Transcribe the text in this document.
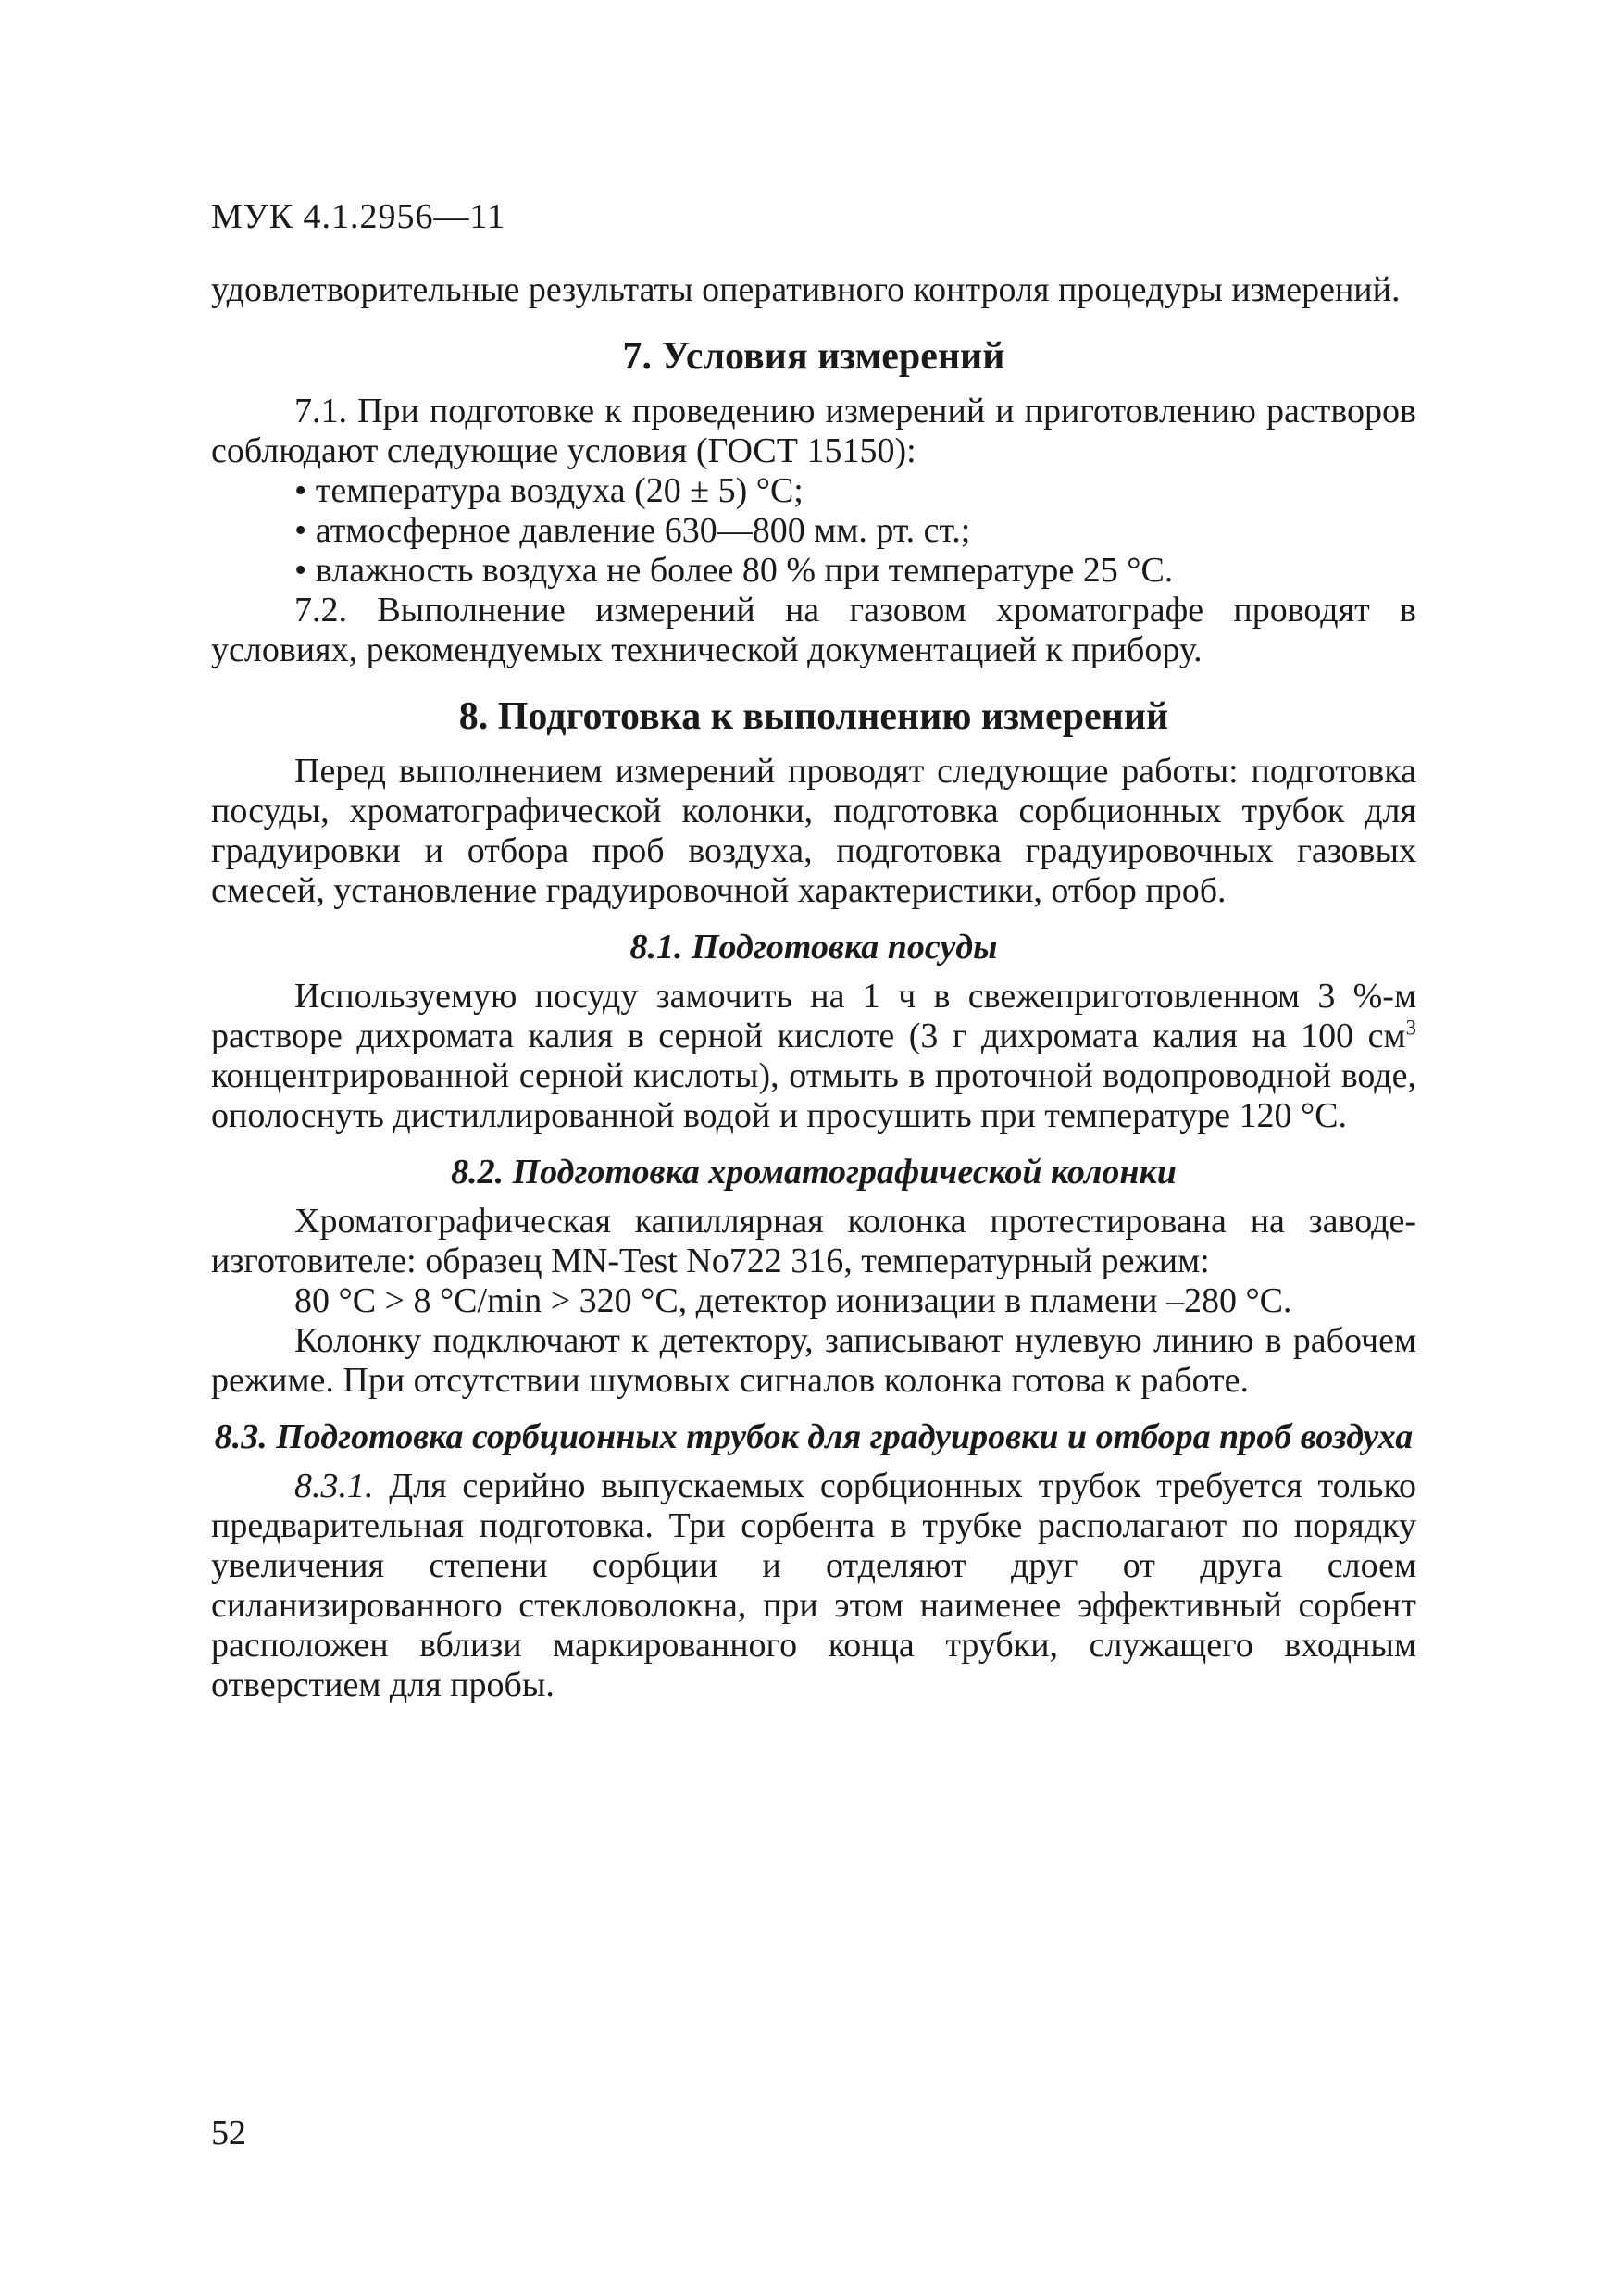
МУК 4.1.2956—11

удовлетворительные результаты оперативного контроля процедуры измерений.

7. Условия измерений

7.1. При подготовке к проведению измерений и приготовлению растворов соблюдают следующие условия (ГОСТ 15150):

• температура воздуха (20 ± 5) °С;
• атмосферное давление 630—800 мм. рт. ст.;
• влажность воздуха не более 80 % при температуре 25 °С.

7.2. Выполнение измерений на газовом хроматографе проводят в условиях, рекомендуемых технической документацией к прибору.

8. Подготовка к выполнению измерений

Перед выполнением измерений проводят следующие работы: подготовка посуды, хроматографической колонки, подготовка сорбционных трубок для градуировки и отбора проб воздуха, подготовка градуировочных газовых смесей, установление градуировочной характеристики, отбор проб.

8.1. Подготовка посуды

Используемую посуду замочить на 1 ч в свежеприготовленном 3 %-м растворе дихромата калия в серной кислоте (3 г дихромата калия на 100 $см^3$ концентрированной серной кислоты), отмыть в проточной водопроводной воде, ополоснуть дистиллированной водой и просушить при температуре 120 °С.

8.2. Подготовка хроматографической колонки

Хроматографическая капиллярная колонка протестирована на заводе-изготовителе: образец MN-Test No722 316, температурный режим:

80 °С > 8 °C/min > 320 °С, детектор ионизации в пламени –280 °С.

Колонку подключают к детектору, записывают нулевую линию в рабочем режиме. При отсутствии шумовых сигналов колонка готова к работе.

8.3. Подготовка сорбционных трубок для градуировки и отбора проб воздуха

8.3.1. Для серийно выпускаемых сорбционных трубок требуется только предварительная подготовка. Три сорбента в трубке располагают по порядку увеличения степени сорбции и отделяют друг от друга слоем силанизированного стекловолокна, при этом наименее эффективный сорбент расположен вблизи маркированного конца трубки, служащего входным отверстием для пробы.

52
